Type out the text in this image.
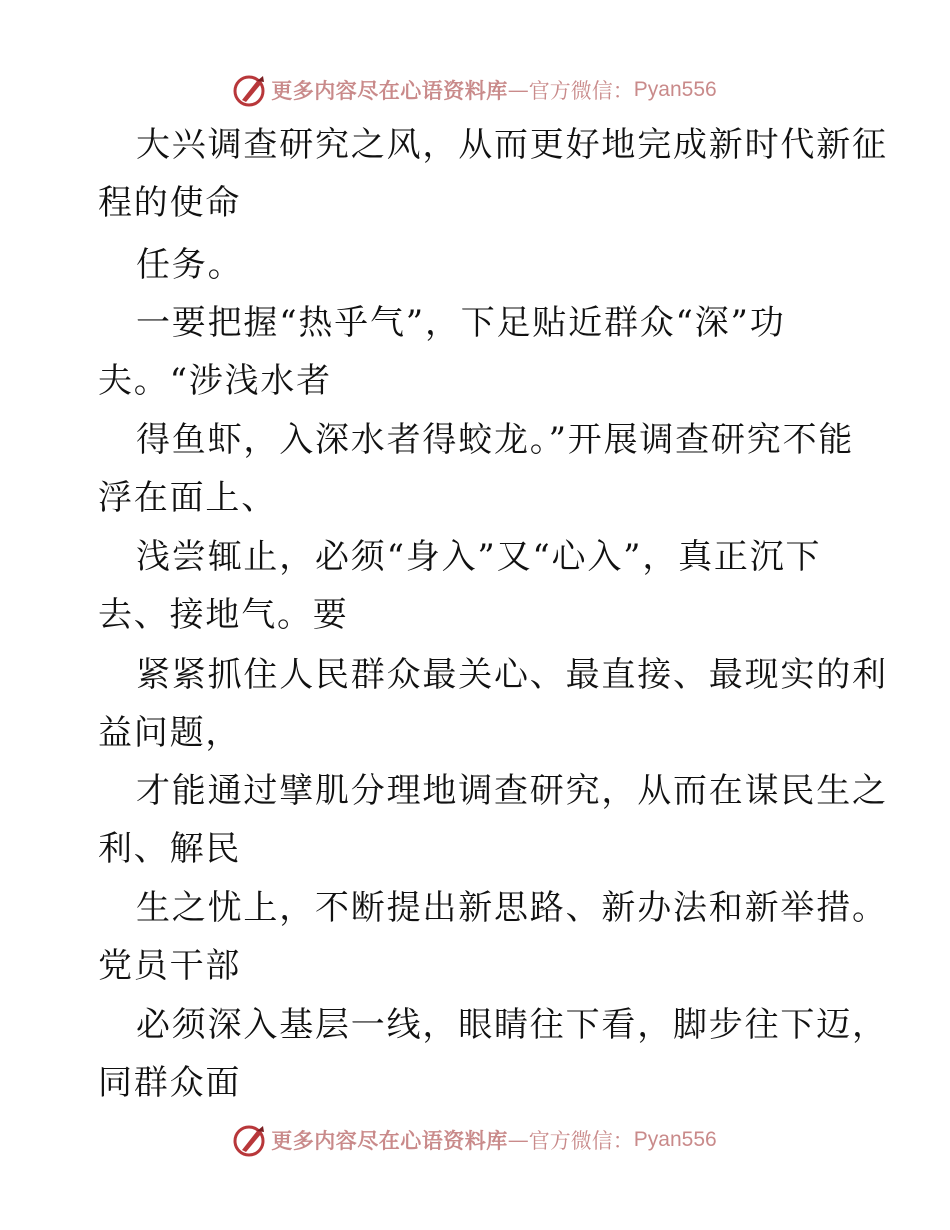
更多内容尽在心语资料库 — 官方微信： Pyan556
大兴调查研究之风，从而更好地完成新时代新征
程的使命
任务。
一要把握“热乎气”，下足贴近群众“深”功
夫。“涉浅水者
得鱼虾，入深水者得蛟龙。”开展调查研究不能
浮在面上、
浅尝辄止，必须“身入”又“心入”，真正沉下
去、接地气。要
紧紧抓住人民群众最关心、最直接、最现实的利
益问题，
才能通过擘肌分理地调查研究，从而在谋民生之
利、解民
生之忧上，不断提出新思路、新办法和新举措。
党员干部
必须深入基层一线，眼睛往下看，脚步往下迈，
同群众面
更多内容尽在心语资料库 — 官方微信： Pyan556
